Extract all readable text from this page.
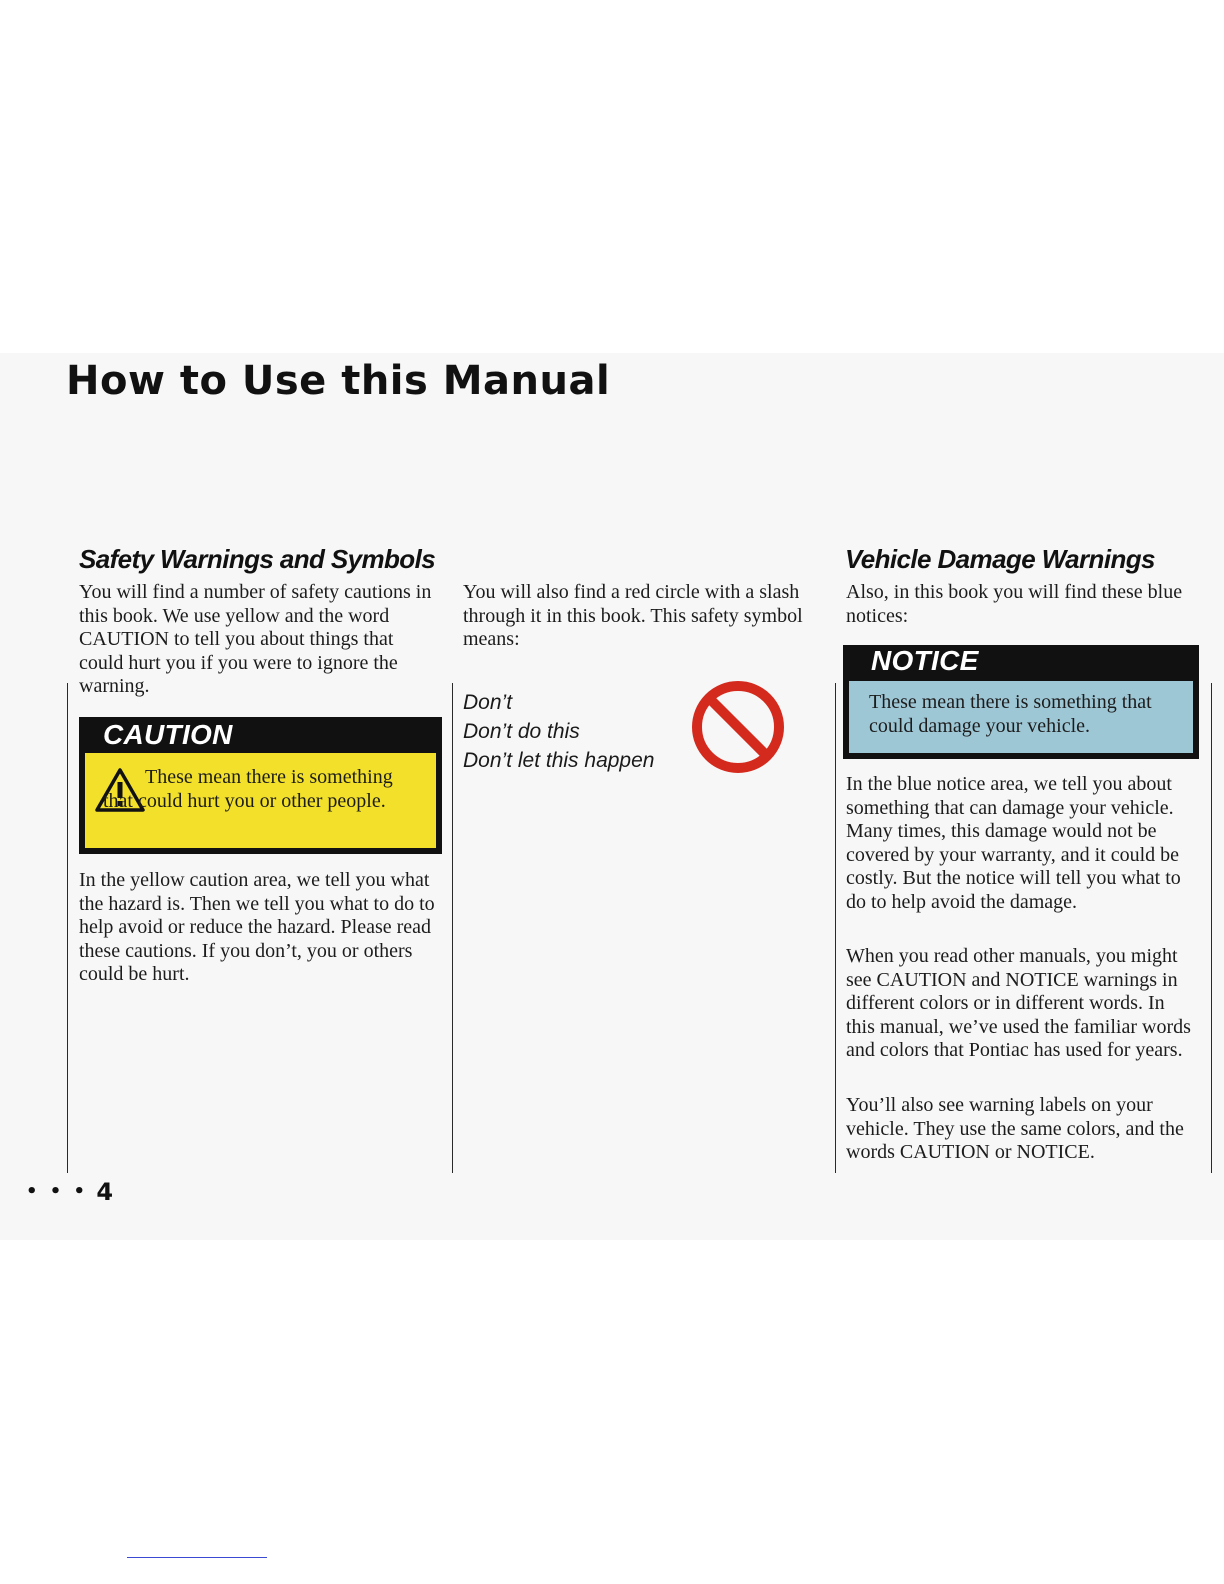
How to Use this Manual
Safety Warnings and Symbols

You will find a number of safety cautions in this book. We use yellow and the word CAUTION to tell you about things that could hurt you if you were to ignore the warning.

CAUTION

These mean there is something that could hurt you or other people.

In the yellow caution area, we tell you what the hazard is. Then we tell you what to do to help avoid or reduce the hazard. Please read these cautions. If you don’t, you or others could be hurt.

You will also find a red circle with a slash through it in this book. This safety symbol means:

Don’t
Don’t do this
Don’t let this happen
Vehicle Damage Warnings

Also, in this book you will find these blue notices:

NOTICE

These mean there is something that could damage your vehicle.

In the blue notice area, we tell you about something that can damage your vehicle. Many times, this damage would not be covered by your warranty, and it could be costly. But the notice will tell you what to do to help avoid the damage.

When you read other manuals, you might see CAUTION and NOTICE warnings in different colors or in different words. In this manual, we’ve used the familiar words and colors that Pontiac has used for years.

You’ll also see warning labels on your vehicle. They use the same colors, and the words CAUTION or NOTICE.

• • • 4
